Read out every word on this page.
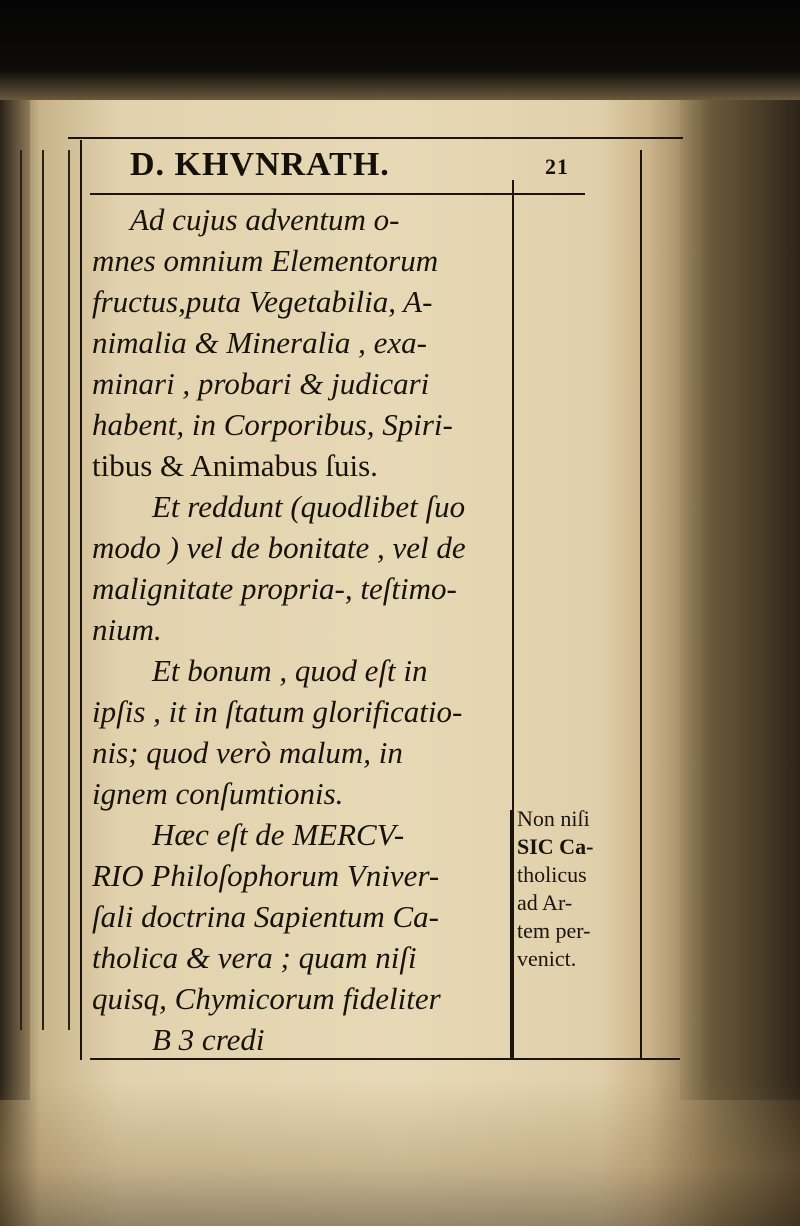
D. KHVNRATH.	21
Ad cujus adventum o-
mnes omnium Elementorum
fructus,puta Vegetabilia, A-
nimalia & Mineralia , exa-
minari , probari & judicari
habent, in Corporibus, Spiri-
tibus & Animabus ſuis.
Et reddunt (quodlibet ſuo
modo ) vel de bonitate , vel de
malignitate propria-, teſtimo-
nium.
Et bonum , quod eſt in
ipſis , it in ſtatum glorificatio-
nis; quod verò malum, in
ignem conſumtionis.
Hæc eſt de MERCV-
RIO Philoſophorum Vniver-
ſali doctrina Sapientum Ca-
tholica & vera ; quam niſi
quisq, Chymicorum fideliter
B 3 credi
Non niſi
SIC Ca-
tholicus
ad Ar-
tem per-
venict.
